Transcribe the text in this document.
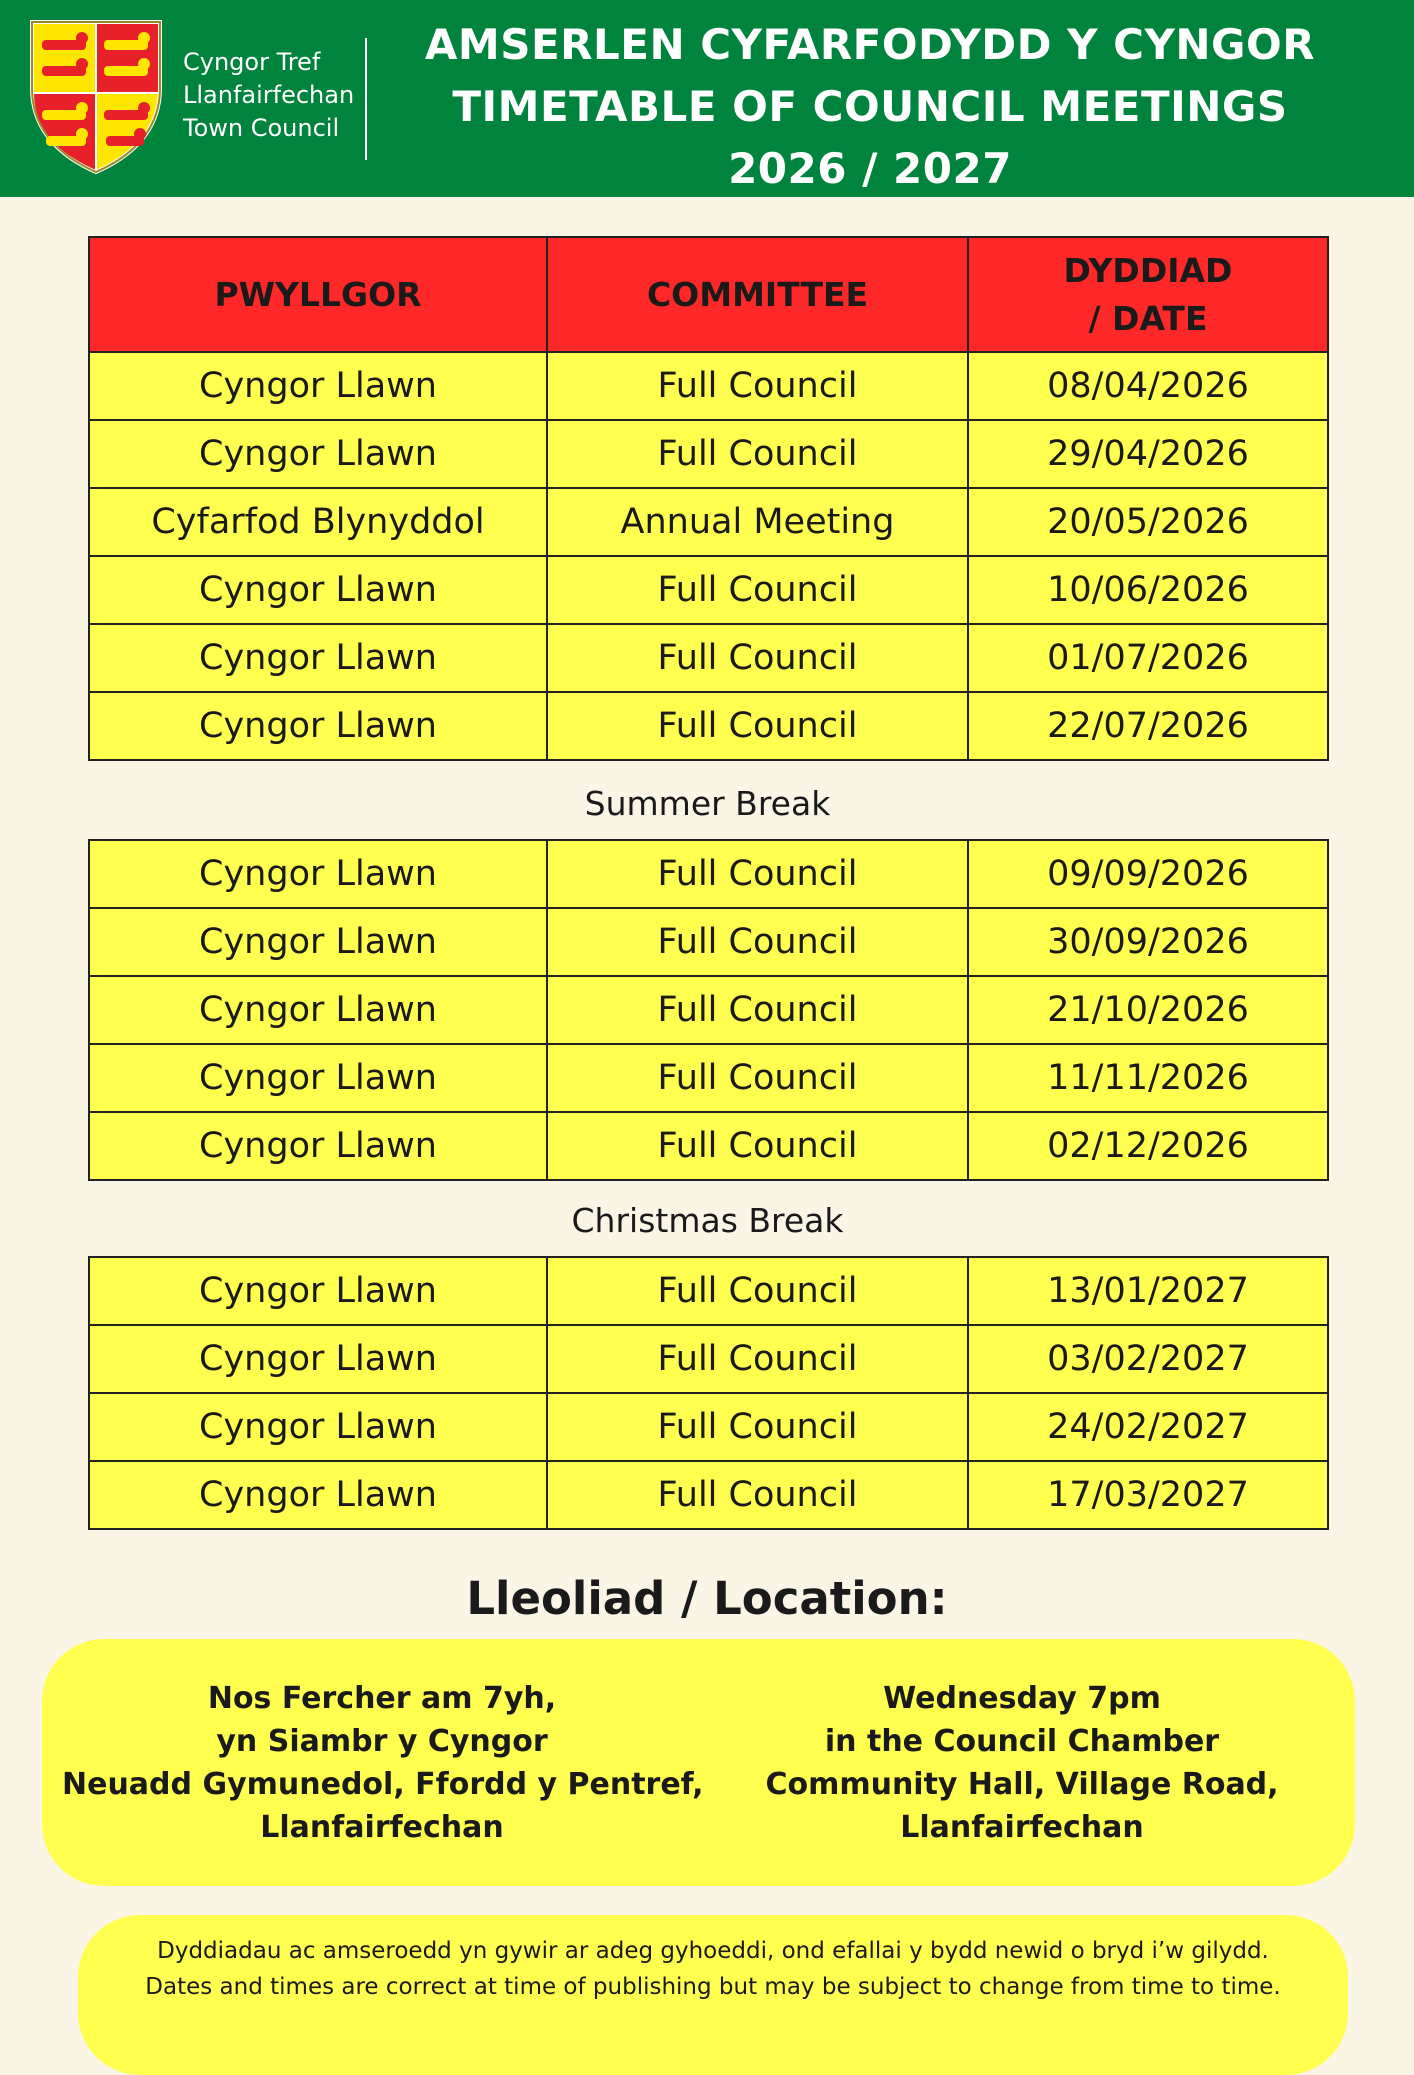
Cyngor Tref
Llanfairfechan
Town Council
AMSERLEN CYFARFODYDD Y CYNGOR
TIMETABLE OF COUNCIL MEETINGS
2026 / 2027
PWYLLGOR	COMMITTEE	DYDDIAD
/ DATE
Cyngor Llawn	Full Council	08/04/2026
Cyngor Llawn	Full Council	29/04/2026
Cyfarfod Blynyddol	Annual Meeting	20/05/2026
Cyngor Llawn	Full Council	10/06/2026
Cyngor Llawn	Full Council	01/07/2026
Cyngor Llawn	Full Council	22/07/2026
Summer Break
Cyngor Llawn	Full Council	09/09/2026
Cyngor Llawn	Full Council	30/09/2026
Cyngor Llawn	Full Council	21/10/2026
Cyngor Llawn	Full Council	11/11/2026
Cyngor Llawn	Full Council	02/12/2026
Christmas Break
Cyngor Llawn	Full Council	13/01/2027
Cyngor Llawn	Full Council	03/02/2027
Cyngor Llawn	Full Council	24/02/2027
Cyngor Llawn	Full Council	17/03/2027
Lleoliad / Location:
Nos Fercher am 7yh,
yn Siambr y Cyngor
Neuadd Gymunedol, Ffordd y Pentref,
Llanfairfechan
Wednesday 7pm
in the Council Chamber
Community Hall, Village Road,
Llanfairfechan
Dyddiadau ac amseroedd yn gywir ar adeg gyhoeddi, ond efallai y bydd newid o bryd i’w gilydd.
Dates and times are correct at time of publishing but may be subject to change from time to time.
